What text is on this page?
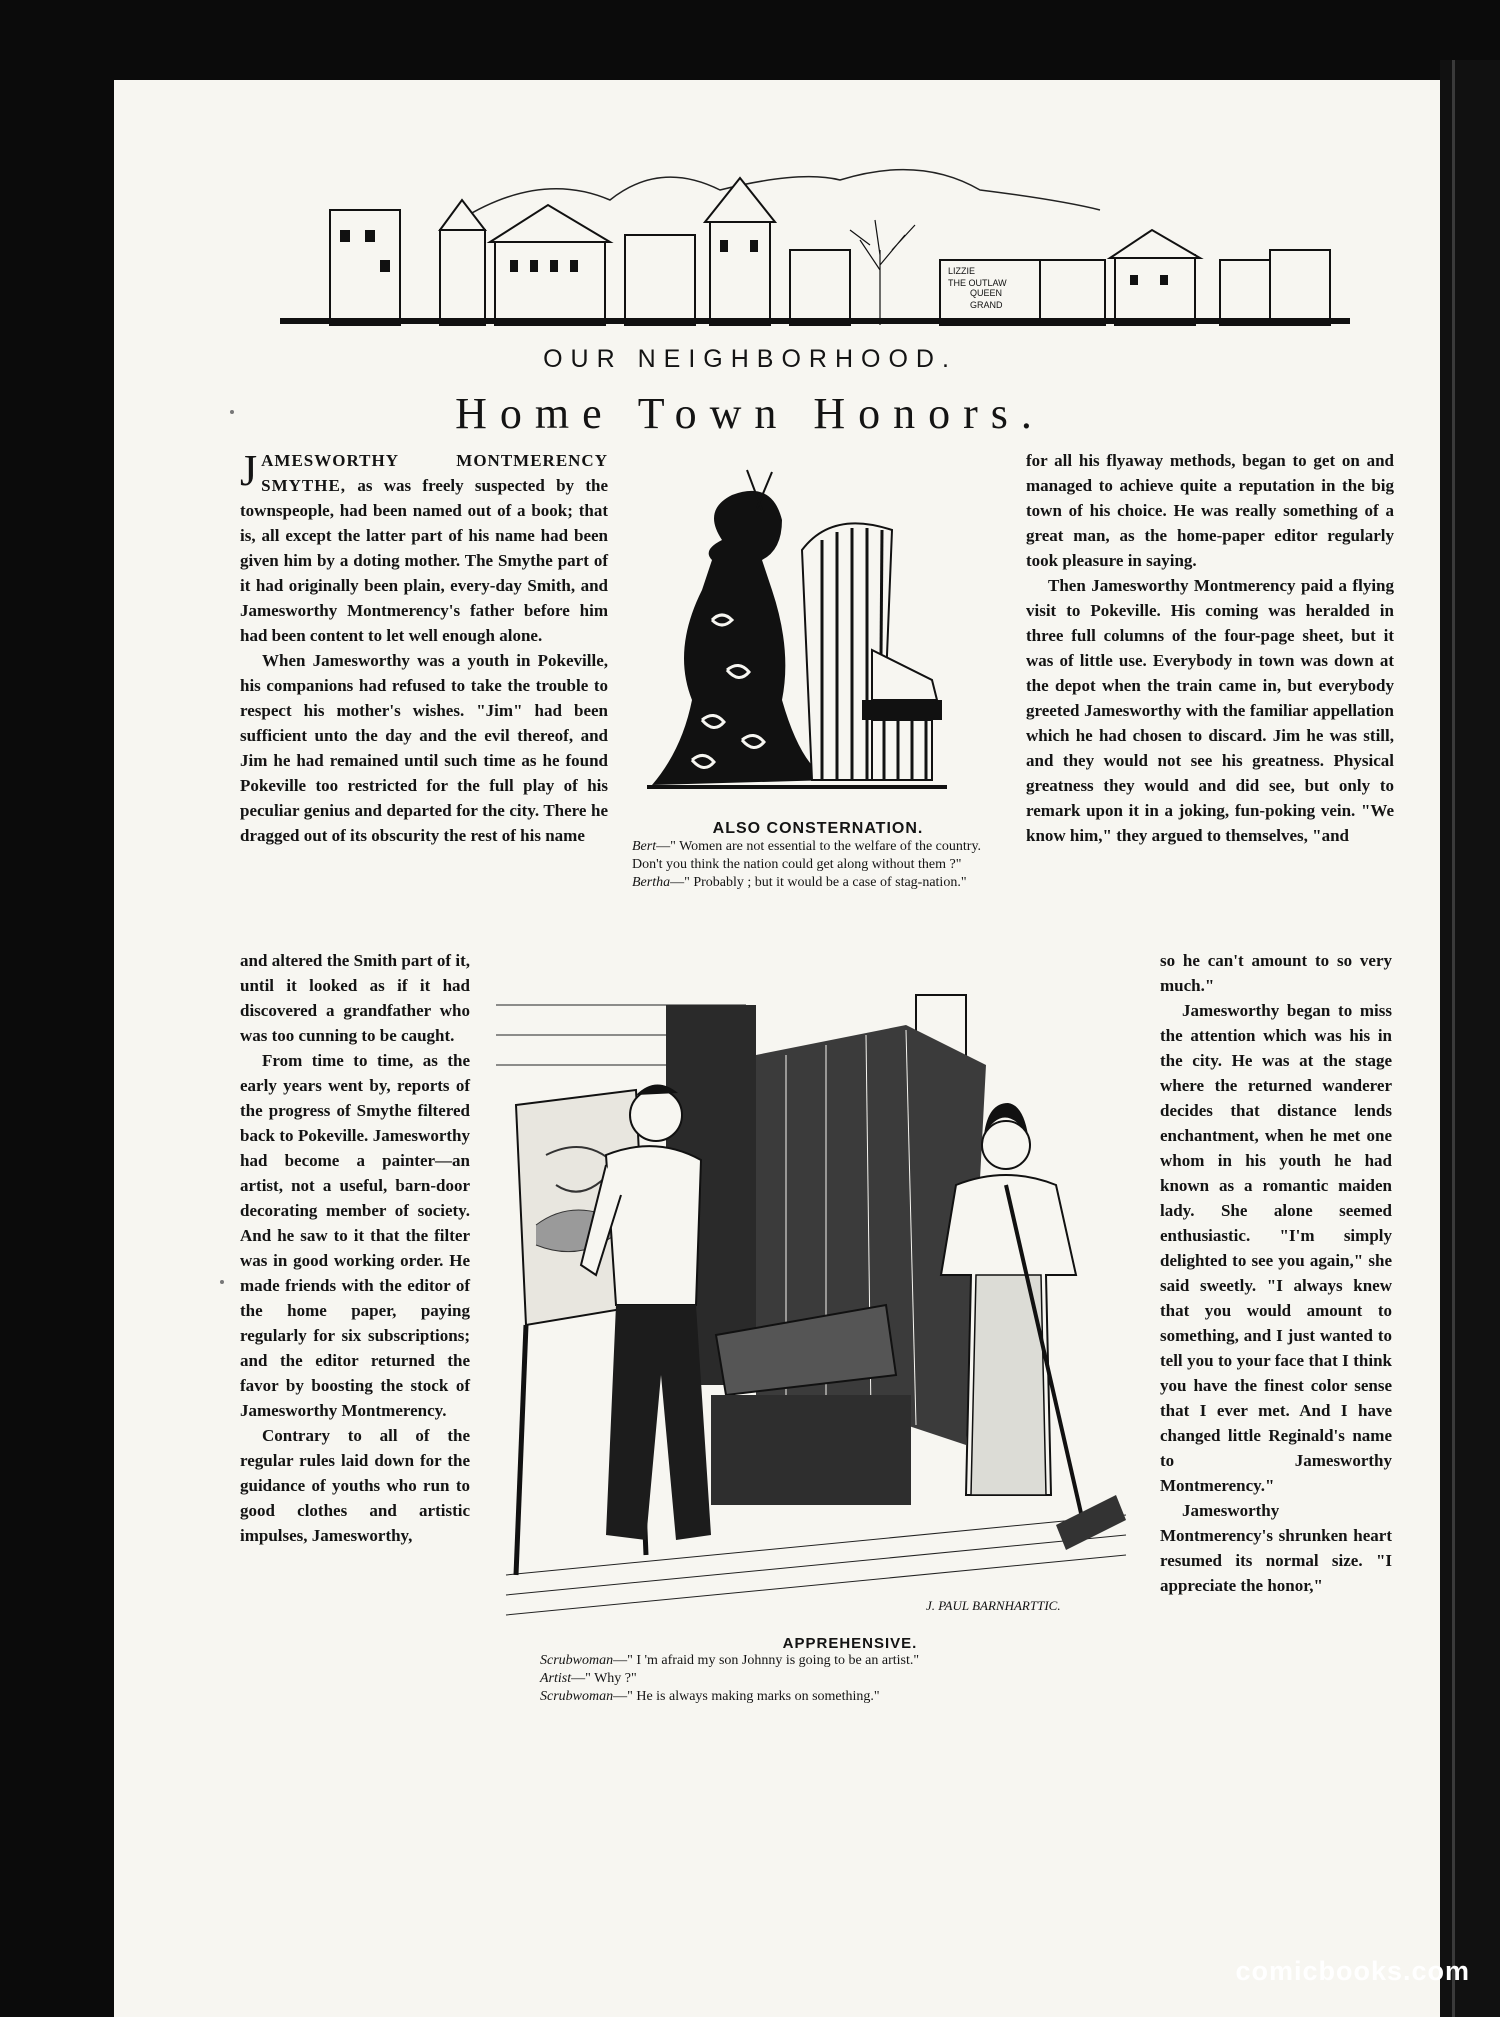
LIZZIE
THE OUTLAW
QUEEN
GRAND
OUR NEIGHBORHOOD.
Home Town Honors.

JAMESWORTHY MONTMERENCY SMYTHE, as was freely suspected by the townspeople, had been named out of a book; that is, all except the latter part of his name had been given him by a doting mother. The Smythe part of it had originally been plain, every-day Smith, and Jamesworthy Montmerency's father before him had been content to let well enough alone.

When Jamesworthy was a youth in Pokeville, his companions had refused to take the trouble to respect his mother's wishes. "Jim" had been sufficient unto the day and the evil thereof, and Jim he had remained until such time as he found Pokeville too restricted for the full play of his peculiar genius and departed for the city. There he dragged out of its obscurity the rest of his name

and altered the Smith part of it, until it looked as if it had discovered a grandfather who was too cunning to be caught.

From time to time, as the early years went by, reports of the progress of Smythe filtered back to Pokeville. Jamesworthy had become a painter—an artist, not a useful, barn-door decorating member of society. And he saw to it that the filter was in good working order. He made friends with the editor of the home paper, paying regularly for six subscriptions; and the editor returned the favor by boosting the stock of Jamesworthy Montmerency.

Contrary to all of the regular rules laid down for the guidance of youths who run to good clothes and artistic impulses, Jamesworthy,

for all his flyaway methods, began to get on and managed to achieve quite a reputation in the big town of his choice. He was really something of a great man, as the home-paper editor regularly took pleasure in saying.

Then Jamesworthy Montmerency paid a flying visit to Pokeville. His coming was heralded in three full columns of the four-page sheet, but it was of little use. Everybody in town was down at the depot when the train came in, but everybody greeted Jamesworthy with the familiar appellation which he had chosen to discard. Jim he was still, and they would not see his greatness. Physical greatness they would and did see, but only to remark upon it in a joking, fun-poking vein. "We know him," they argued to themselves, "and

so he can't amount to so very much."

Jamesworthy began to miss the attention which was his in the city. He was at the stage where the returned wanderer decides that distance lends enchantment, when he met one whom in his youth he had known as a romantic maiden lady. She alone seemed enthusiastic. "I'm simply delighted to see you again," she said sweetly. "I always knew that you would amount to something, and I just wanted to tell you to your face that I think you have the finest color sense that I ever met. And I have changed little Reginald's name to Jamesworthy Montmerency."

Jamesworthy Montmerency's shrunken heart resumed its normal size. "I appreciate the honor,"

ALSO CONSTERNATION.
Bert—" Women are not essential to the welfare of the country. Don't you think the nation could get along without them ?"
Bertha—" Probably ; but it would be a case of stag-nation."
J. PAUL BARNHARTTIC.
APPREHENSIVE.
Scrubwoman—" I 'm afraid my son Johnny is going to be an artist."
Artist—" Why ?"
Scrubwoman—" He is always making marks on something."
comicbooks.com
